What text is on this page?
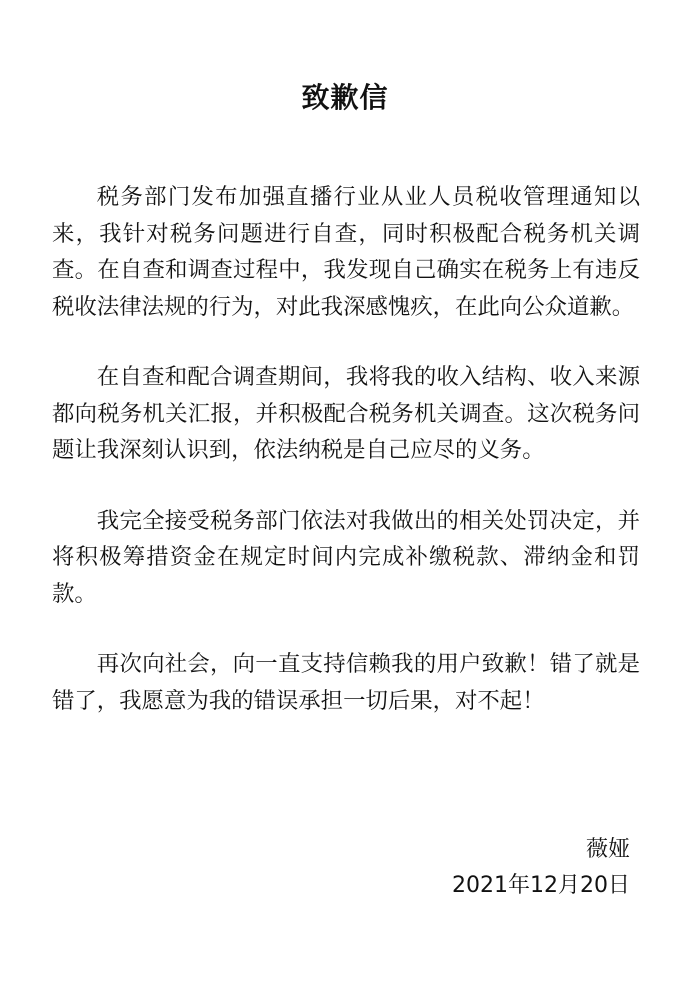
致歉信

税务部门发布加强直播行业从业人员税收管理通知以来，我针对税务问题进行自查，同时积极配合税务机关调查。在自查和调查过程中，我发现自己确实在税务上有违反税收法律法规的行为，对此我深感愧疚，在此向公众道歉。

在自查和配合调查期间，我将我的收入结构、收入来源都向税务机关汇报，并积极配合税务机关调查。这次税务问题让我深刻认识到，依法纳税是自己应尽的义务。

我完全接受税务部门依法对我做出的相关处罚决定，并将积极筹措资金在规定时间内完成补缴税款、滞纳金和罚款。

再次向社会，向一直支持信赖我的用户致歉！错了就是错了，我愿意为我的错误承担一切后果，对不起！

薇娅
2021年12月20日
